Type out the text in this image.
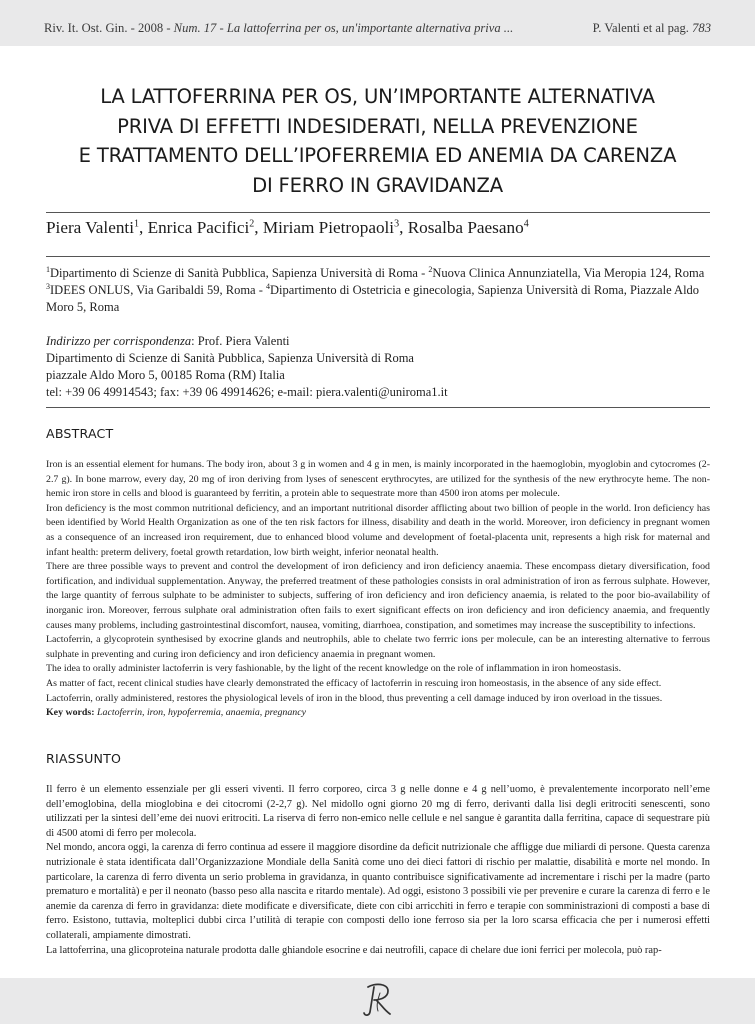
Riv. It. Ost. Gin. - 2008 - Num. 17 - La lattoferrina per os, un'importante alternativa priva ...	P. Valenti et al pag. 783
LA LATTOFERRINA PER OS, UN’IMPORTANTE ALTERNATIVA
PRIVA DI EFFETTI INDESIDERATI, NELLA PREVENZIONE
E TRATTAMENTO DELL’IPOFERREMIA ED ANEMIA DA CARENZA
DI FERRO IN GRAVIDANZA
Piera Valenti$^1$, Enrica Pacifici$^2$, Miriam Pietropaoli$^3$, Rosalba Paesano$^4$
$^1$Dipartimento di Scienze di Sanità Pubblica, Sapienza Università di Roma - $^2$Nuova Clinica Annunziatella, Via Meropia 124, Roma
$^3$IDEES ONLUS, Via Garibaldi 59, Roma - $^4$Dipartimento di Ostetricia e ginecologia, Sapienza Università di Roma, Piazzale Aldo
Moro 5, Roma
Indirizzo per corrispondenza: Prof. Piera Valenti
Dipartimento di Scienze di Sanità Pubblica, Sapienza Università di Roma
piazzale Aldo Moro 5, 00185 Roma (RM) Italia
tel: +39 06 49914543; fax: +39 06 49914626; e-mail: piera.valenti@uniroma1.it
ABSTRACT

Iron is an essential element for humans. The body iron, about 3 g in women and 4 g in men, is mainly incorporated in the haemoglobin, myoglobin and cytocromes (2-2.7 g). In bone marrow, every day, 20 mg of iron deriving from lyses of senescent erythrocytes, are utilized for the synthesis of the new erythrocyte heme. The non-hemic iron store in cells and blood is guaranteed by ferritin, a protein able to sequestrate more than 4500 iron atoms per molecule.

Iron deficiency is the most common nutritional deficiency, and an important nutritional disorder afflicting about two billion of people in the world. Iron deficiency has been identified by World Health Organization as one of the ten risk factors for illness, disability and death in the world. Moreover, iron deficiency in pregnant women as a consequence of an increased iron requirement, due to enhanced blood volume and development of foetal-placenta unit, represents a high risk for maternal and infant health: preterm delivery, foetal growth retardation, low birth weight, inferior neonatal health.

There are three possible ways to prevent and control the development of iron deficiency and iron deficiency anaemia. These encompass dietary diversification, food fortification, and individual supplementation. Anyway, the preferred treatment of these pathologies consists in oral administration of iron as ferrous sulphate. However, the large quantity of ferrous sulphate to be administer to subjects, suffering of iron deficiency and iron deficiency anaemia, is related to the poor bio-availability of inorganic iron. Moreover, ferrous sulphate oral administration often fails to exert significant effects on iron deficiency and iron deficiency anaemia, and frequently causes many problems, including gastrointestinal discomfort, nausea, vomiting, diarrhoea, constipation, and sometimes may increase the susceptibility to infections.

Lactoferrin, a glycoprotein synthesised by exocrine glands and neutrophils, able to chelate two ferrric ions per molecule, can be an interesting alternative to ferrous sulphate in preventing and curing iron deficiency and iron deficiency anaemia in pregnant women.

The idea to orally administer lactoferrin is very fashionable, by the light of the recent knowledge on the role of inflammation in iron homeostasis.

As matter of fact, recent clinical studies have clearly demonstrated the efficacy of lactoferrin in rescuing iron homeostasis, in the absence of any side effect.

Lactoferrin, orally administered, restores the physiological levels of iron in the blood, thus preventing a cell damage induced by iron overload in the tissues.

Key words: Lactoferrin, iron, hypoferremia, anaemia, pregnancy

RIASSUNTO

Il ferro è un elemento essenziale per gli esseri viventi. Il ferro corporeo, circa 3 g nelle donne e 4 g nell’uomo, è prevalentemente incorporato nell’eme dell’emoglobina, della mioglobina e dei citocromi (2-2,7 g). Nel midollo ogni giorno 20 mg di ferro, derivanti dalla lisi degli eritrociti senescenti, sono utilizzati per la sintesi dell’eme dei nuovi eritrociti. La riserva di ferro non-emico nelle cellule e nel sangue è garantita dalla ferritina, capace di sequestrare più di 4500 atomi di ferro per molecola.

Nel mondo, ancora oggi, la carenza di ferro continua ad essere il maggiore disordine da deficit nutrizionale che affligge due miliardi di persone. Questa carenza nutrizionale è stata identificata dall’Organizzazione Mondiale della Sanità come uno dei dieci fattori di rischio per malattie, disabilità e morte nel mondo. In particolare, la carenza di ferro diventa un serio problema in gravidanza, in quanto contribuisce significativamente ad incrementare i rischi per la madre (parto prematuro e mortalità) e per il neonato (basso peso alla nascita e ritardo mentale). Ad oggi, esistono 3 possibili vie per prevenire e curare la carenza di ferro e le anemie da carenza di ferro in gravidanza: diete modificate e diversificate, diete con cibi arricchiti in ferro e terapie con somministrazioni di composti a base di ferro. Esistono, tuttavia, molteplici dubbi circa l’utilità di terapie con composti dello ione ferroso sia per la loro scarsa efficacia che per i numerosi effetti collaterali, ampiamente dimostrati.

La lattoferrina, una glicoproteina naturale prodotta dalle ghiandole esocrine e dai neutrofili, capace di chelare due ioni ferrici per molecola, può rap-
